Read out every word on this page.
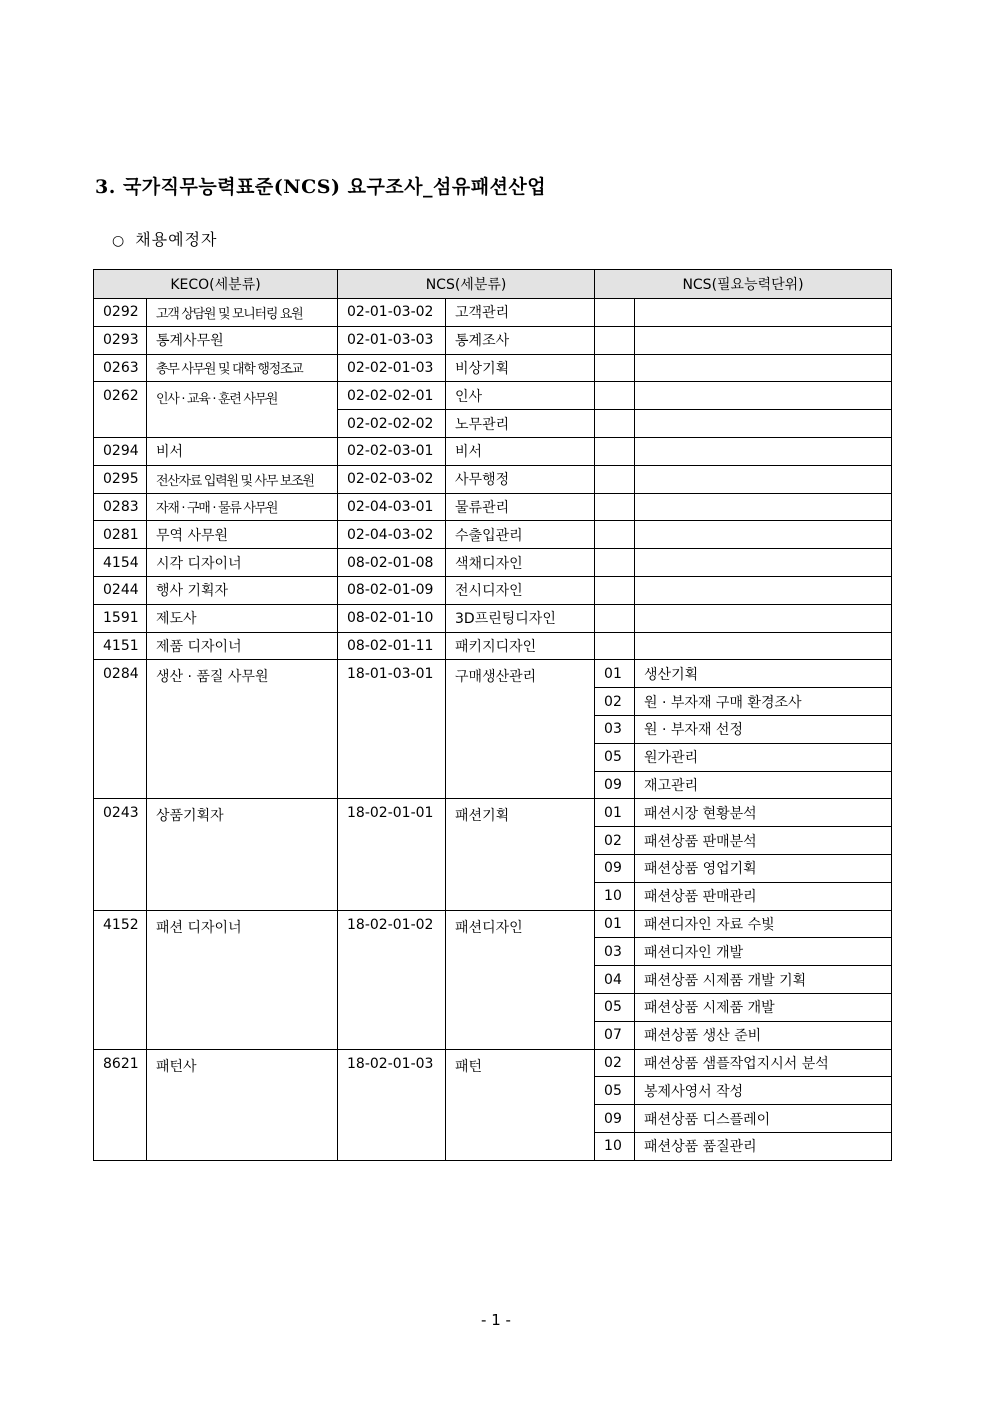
3. 국가직무능력표준(NCS) 요구조사_섬유패션산업
○ 채용예정자
KECO(세분류)		NCS(세분류)		NCS(필요능력단위)	
0292	고객 상담원 및 모니터링 요원	02-01-03-02	고객관리		
0293	통계사무원	02-01-03-03	통계조사		
0263	총무 사무원 및 대학 행정조교	02-02-01-03	비상기획		
0262	인사 · 교육 · 훈련 사무원	02-02-02-01	인사		
		02-02-02-02	노무관리		
0294	비서	02-02-03-01	비서		
0295	전산자료 입력원 및 사무 보조원	02-02-03-02	사무행정		
0283	자재 · 구매 · 물류 사무원	02-04-03-01	물류관리		
0281	무역 사무원	02-04-03-02	수출입관리		
4154	시각 디자이너	08-02-01-08	색채디자인		
0244	행사 기획자	08-02-01-09	전시디자인		
1591	제도사	08-02-01-10	3D프린팅디자인		
4151	제품 디자이너	08-02-01-11	패키지디자인		
0284	생산 · 품질 사무원	18-01-03-01	구매생산관리	01	생산기획
				02	원 · 부자재 구매 환경조사
				03	원 · 부자재 선정
				05	원가관리
				09	재고관리
0243	상품기획자	18-02-01-01	패션기획	01	패션시장 현황분석
				02	패션상품 판매분석
				09	패션상품 영업기획
				10	패션상품 판매관리
4152	패션 디자이너	18-02-01-02	패션디자인	01	패션디자인 자료 수빛
				03	패션디자인 개발
				04	패션상품 시제품 개발 기획
				05	패션상품 시제품 개발
				07	패션상품 생산 준비
8621	패턴사	18-02-01-03	패턴	02	패션상품 샘플작업지시서 분석
				05	봉제사영서 작성
				09	패션상품 디스플레이
				10	패션상품 품질관리
- 1 -
